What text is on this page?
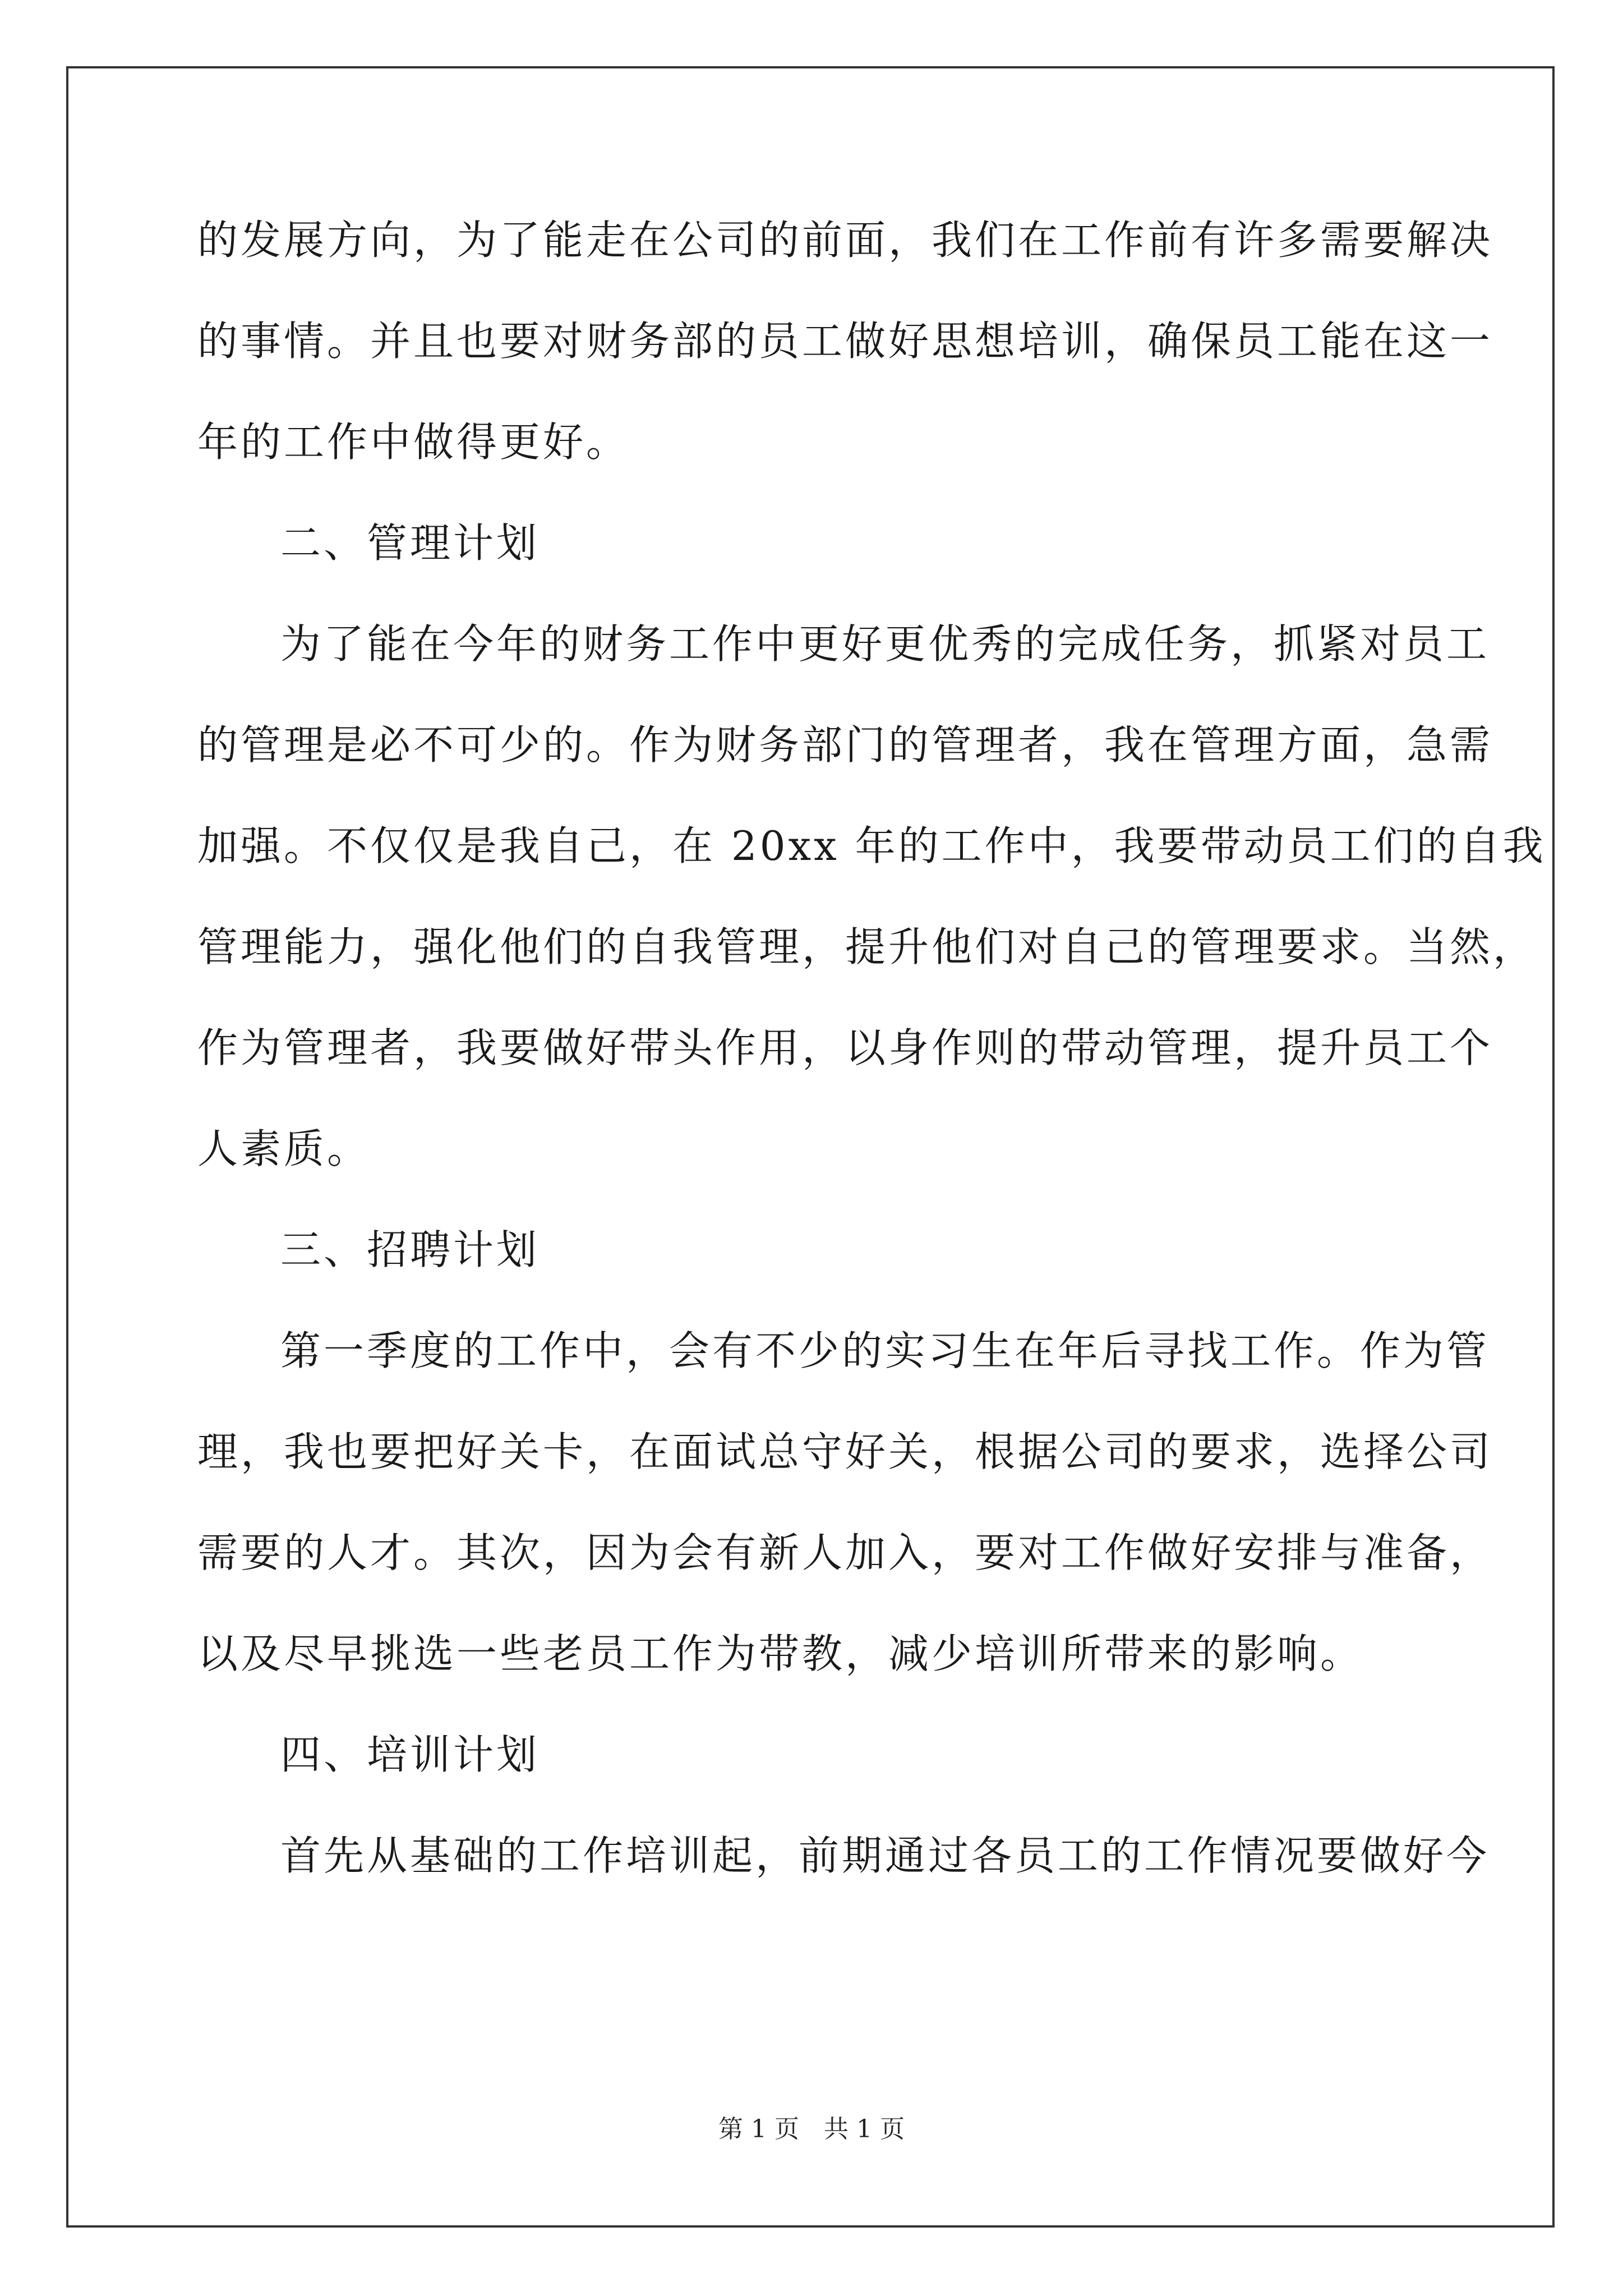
的发展方向，为了能走在公司的前面，我们在工作前有许多需要解决
的事情。并且也要对财务部的员工做好思想培训，确保员工能在这一
年的工作中做得更好。
二、管理计划
为了能在今年的财务工作中更好更优秀的完成任务，抓紧对员工
的管理是必不可少的。作为财务部门的管理者，我在管理方面，急需
加强。不仅仅是我自己，在 20xx 年的工作中，我要带动员工们的自我
管理能力，强化他们的自我管理，提升他们对自己的管理要求。当然，
作为管理者，我要做好带头作用，以身作则的带动管理，提升员工个
人素质。
三、招聘计划
第一季度的工作中，会有不少的实习生在年后寻找工作。作为管
理，我也要把好关卡，在面试总守好关，根据公司的要求，选择公司
需要的人才。其次，因为会有新人加入，要对工作做好安排与准备，
以及尽早挑选一些老员工作为带教，减少培训所带来的影响。
四、培训计划
首先从基础的工作培训起，前期通过各员工的工作情况要做好今
第 1 页　共 1 页
